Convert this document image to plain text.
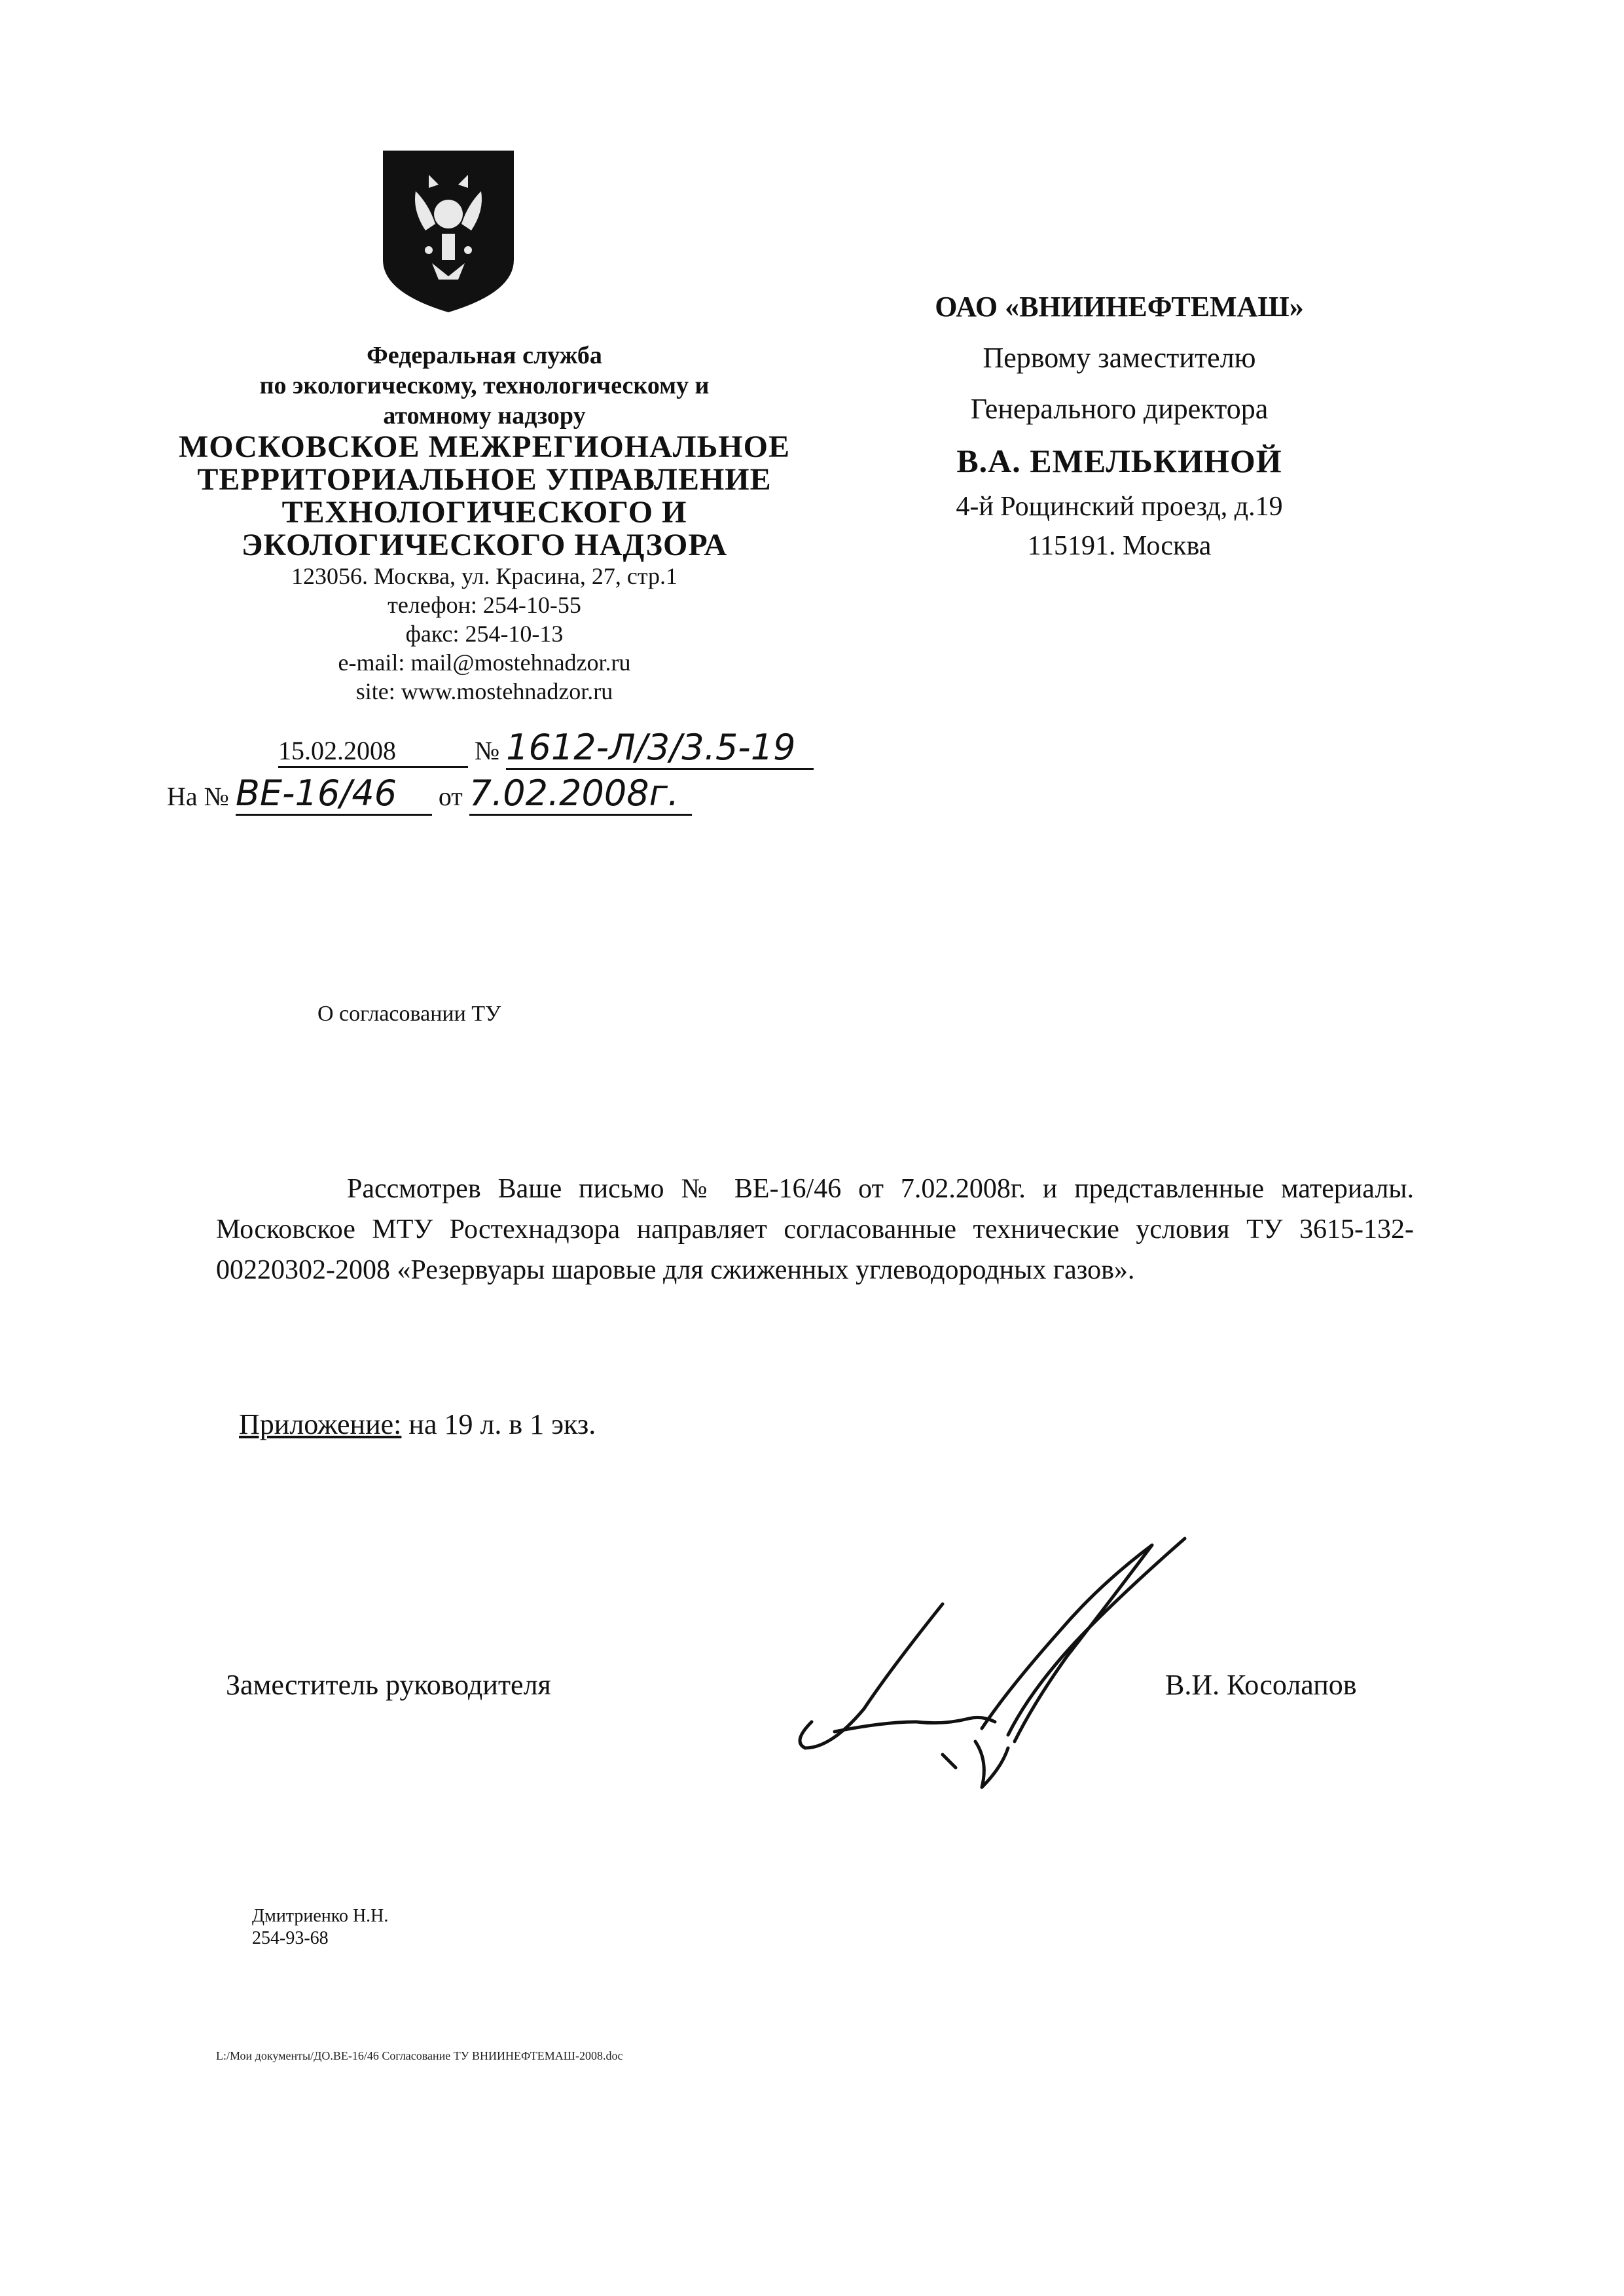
Федеральная служба
по экологическому, технологическому и
атомному надзору
МОСКОВСКОЕ МЕЖРЕГИОНАЛЬНОЕ
ТЕРРИТОРИАЛЬНОЕ УПРАВЛЕНИЕ
ТЕХНОЛОГИЧЕСКОГО И
ЭКОЛОГИЧЕСКОГО НАДЗОРА
123056. Москва, ул. Красина, 27, стр.1
телефон: 254-10-55
факс: 254-10-13
e-mail: mail@mostehnadzor.ru
site: www.mostehnadzor.ru
15.02.2008	№ 1612-Л/3/3.5-19
На № ВЕ-16/46 от 7.02.2008г.
ОАО «ВНИИНЕФТЕМАШ»
Первому заместителю
Генерального директора
В.А. ЕМЕЛЬКИНОЙ
4-й Рощинский проезд, д.19
115191. Москва
О согласовании ТУ
Рассмотрев Ваше письмо № ВЕ-16/46 от 7.02.2008г. и представленные материалы. Московское МТУ Ростехнадзора направляет согласованные технические условия ТУ 3615-132-00220302-2008 «Резервуары шаровые для сжиженных углеводородных газов».
Приложение: на 19 л. в 1 экз.
Заместитель руководителя	В.И. Косолапов
Дмитриенко Н.Н.
254-93-68
L:/Мои документы/ДО.ВЕ-16/46 Согласование ТУ ВНИИНЕФТЕМАШ-2008.doc
